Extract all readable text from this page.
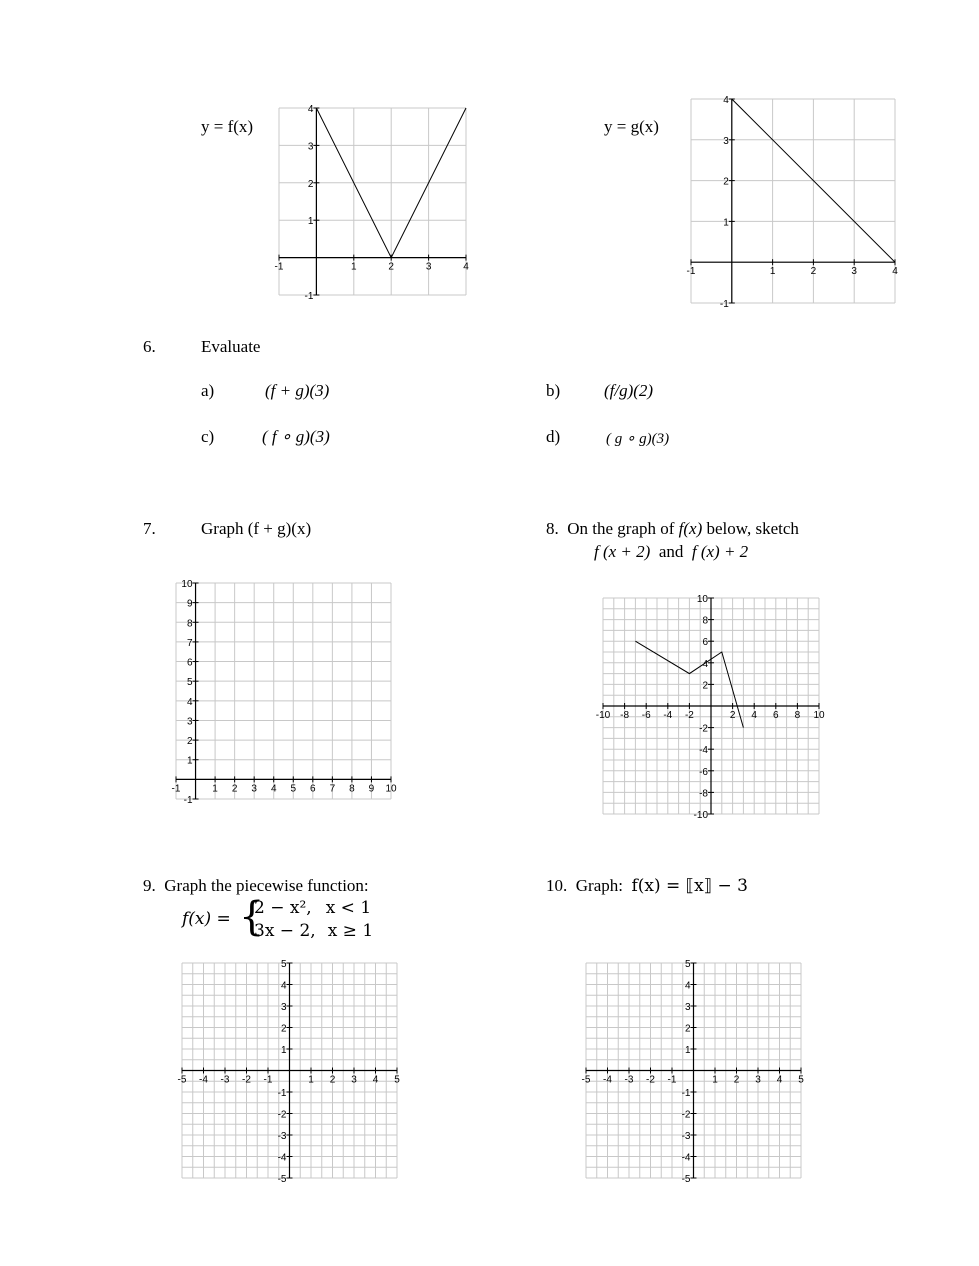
y = f(x)
-1	1	2	3	4
-1
1
2
3
4
-1	1	2	3	4
-1
1
2
3
4
-1	1 2 3 4 5 6 7 8 9 10
-1
1
2
3
4
5
6
7
8
9
10
-10 -8 -6 -4 -2	2 4 6 8 10
-10
-8
-6
-4
-2
2
4
6
8
10
-5 -4 -3 -2 -1	1 2 3 4 5
-5
-4
-3
-2
-1
1
2
3
4
5
-5 -4 -3 -2 -1	1 2 3 4 5
-5
-4
-3
-2
-1
1
2
3
4
5
y = g(x)
6.	Evaluate
a)	(f + g)(3)	b)	(f/g)(2)
c)	( f ∘ g)(3)	d)	( g ∘ g)(3)
7.	Graph (f + g)(x)	8. On the graph of f(x) below, sketch
f (x + 2) and f (x) + 2
9. Graph the piecewise function:
f(x) = {
2 − x², x < 1
3x − 2, x ≥ 1
10. Graph: f(x) = ⟦x⟧ − 3
